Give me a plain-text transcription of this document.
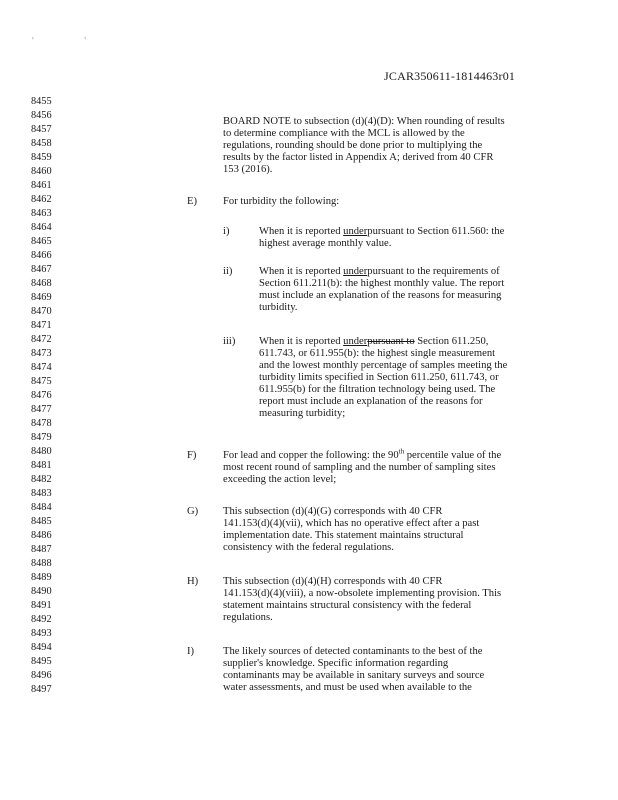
' '
JCAR350611-1814463r01
8455
8456
8457
8458
8459
8460
8461
8462
8463
8464
8465
8466
8467
8468
8469
8470
8471
8472
8473
8474
8475
8476
8477
8478
8479
8480
8481
8482
8483
8484
8485
8486
8487
8488
8489
8490
8491
8492
8493
8494
8495
8496
8497
BOARD NOTE to subsection (d)(4)(D): When rounding of results
to determine compliance with the MCL is allowed by the
regulations, rounding should be done prior to multiplying the
results by the factor listed in Appendix A; derived from 40 CFR
153 (2016).
E) For turbidity the following:
i)	When it is reported underpursuant to Section 611.560: the
highest average monthly value.
ii)	When it is reported underpursuant to the requirements of
Section 611.211(b): the highest monthly value. The report
must include an explanation of the reasons for measuring
turbidity.
iii) When it is reported underpursuant to Section 611.250,
611.743, or 611.955(b): the highest single measurement
and the lowest monthly percentage of samples meeting the
turbidity limits specified in Section 611.250, 611.743, or
611.955(b) for the filtration technology being used. The
report must include an explanation of the reasons for
measuring turbidity;
F)	For lead and copper the following: the 90th percentile value of the
most recent round of sampling and the number of sampling sites
exceeding the action level;
G) This subsection (d)(4)(G) corresponds with 40 CFR
141.153(d)(4)(vii), which has no operative effect after a past
implementation date. This statement maintains structural
consistency with the federal regulations.
H) This subsection (d)(4)(H) corresponds with 40 CFR
141.153(d)(4)(viii), a now-obsolete implementing provision. This
statement maintains structural consistency with the federal
regulations.
I)	The likely sources of detected contaminants to the best of the
supplier's knowledge. Specific information regarding
contaminants may be available in sanitary surveys and source
water assessments, and must be used when available to the
